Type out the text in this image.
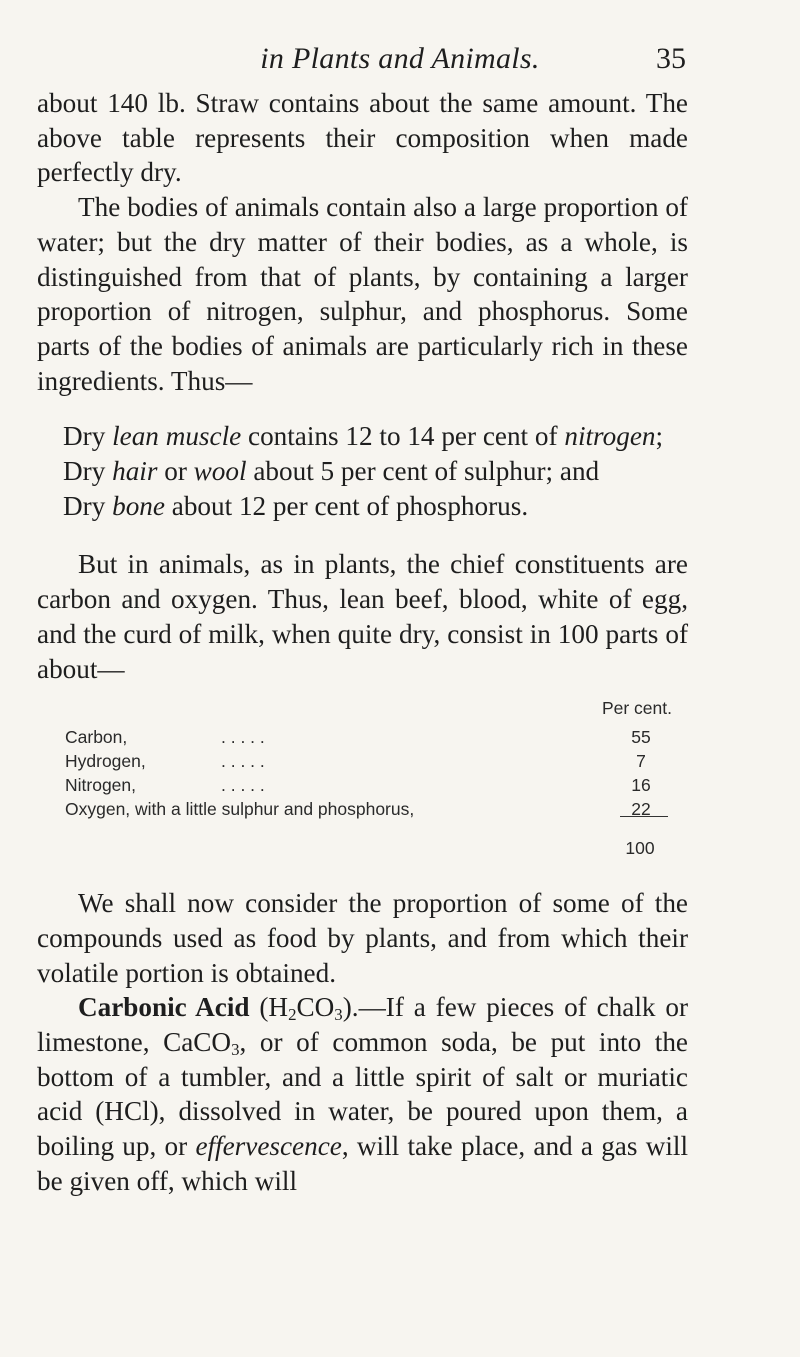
in Plants and Animals.	35

about 140 lb. Straw contains about the same amount. The above table represents their composition when made perfectly dry.

The bodies of animals contain also a large proportion of water; but the dry matter of their bodies, as a whole, is distinguished from that of plants, by containing a larger proportion of nitrogen, sulphur, and phosphorus. Some parts of the bodies of animals are particularly rich in these ingredients. Thus—

Dry lean muscle contains 12 to 14 per cent of nitrogen;
Dry hair or wool about 5 per cent of sulphur; and
Dry bone about 12 per cent of phosphorus.

But in animals, as in plants, the chief constituents are carbon and oxygen. Thus, lean beef, blood, white of egg, and the curd of milk, when quite dry, consist in 100 parts of about—

Per cent.
Carbon,	. . . . .	55
Hydrogen,	. . . . .	7
Nitrogen,	. . . . .	16
Oxygen, with a little sulphur and phosphorus,	22
100

We shall now consider the proportion of some of the compounds used as food by plants, and from which their volatile portion is obtained.

Carbonic Acid $(H_2CO_3).—If$ a few pieces of chalk or limestone, CaCO$_3$, or of common soda, be put into the bottom of a tumbler, and a little spirit of salt or muriatic acid (HCl), dissolved in water, be poured upon them, a boiling up, or effervescence, will take place, and a gas will be given off, which will
